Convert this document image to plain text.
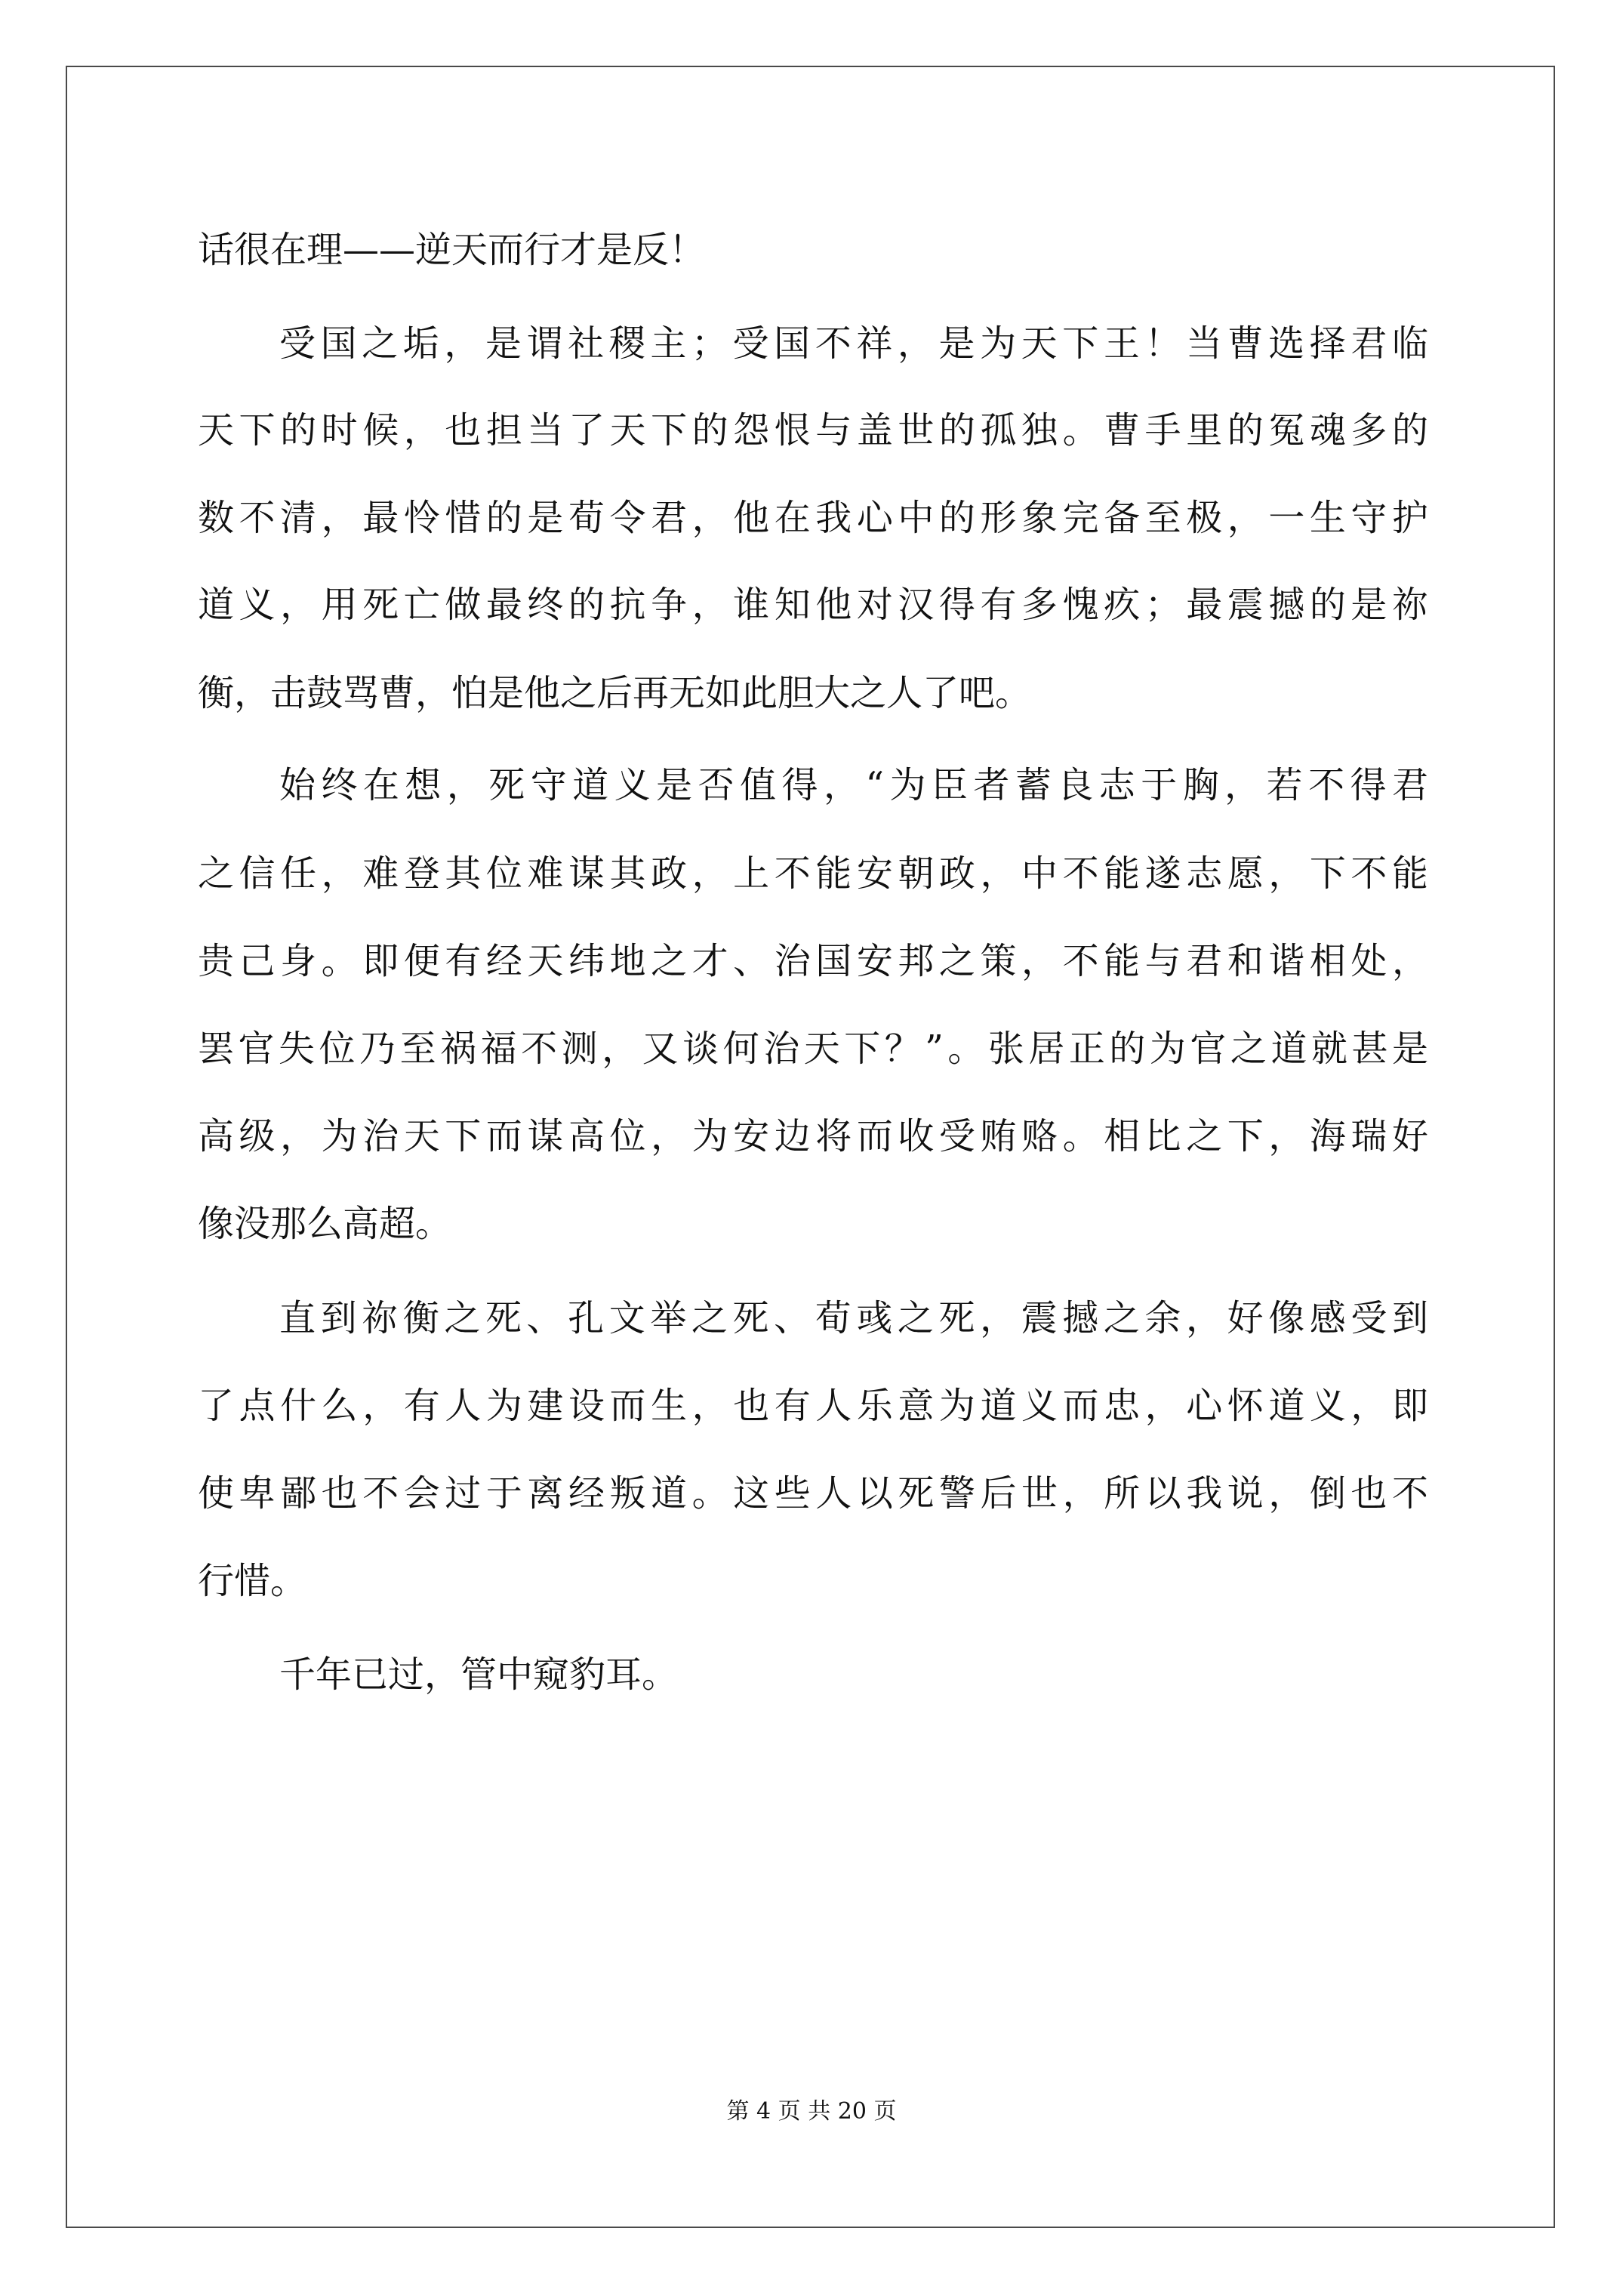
话很在理——逆天而行才是反！
受国之垢，是谓社稷主；受国不祥，是为天下王！当曹选择君临
天下的时候，也担当了天下的怨恨与盖世的孤独。曹手里的冤魂多的
数不清，最怜惜的是荀令君，他在我心中的形象完备至极，一生守护
道义，用死亡做最终的抗争，谁知他对汉得有多愧疚；最震撼的是祢
衡，击鼓骂曹，怕是他之后再无如此胆大之人了吧。
始终在想，死守道义是否值得，“为臣者蓄良志于胸，若不得君
之信任，难登其位难谋其政，上不能安朝政，中不能遂志愿，下不能
贵己身。即便有经天纬地之才、治国安邦之策，不能与君和谐相处，
罢官失位乃至祸福不测，又谈何治天下？”。张居正的为官之道就甚是
高级，为治天下而谋高位，为安边将而收受贿赂。相比之下，海瑞好
像没那么高超。
直到祢衡之死、孔文举之死、荀彧之死，震撼之余，好像感受到
了点什么，有人为建设而生，也有人乐意为道义而忠，心怀道义，即
使卑鄙也不会过于离经叛道。这些人以死警后世，所以我说，倒也不
行惜。
千年已过，管中窥豹耳。
第 4 页 共 20 页
